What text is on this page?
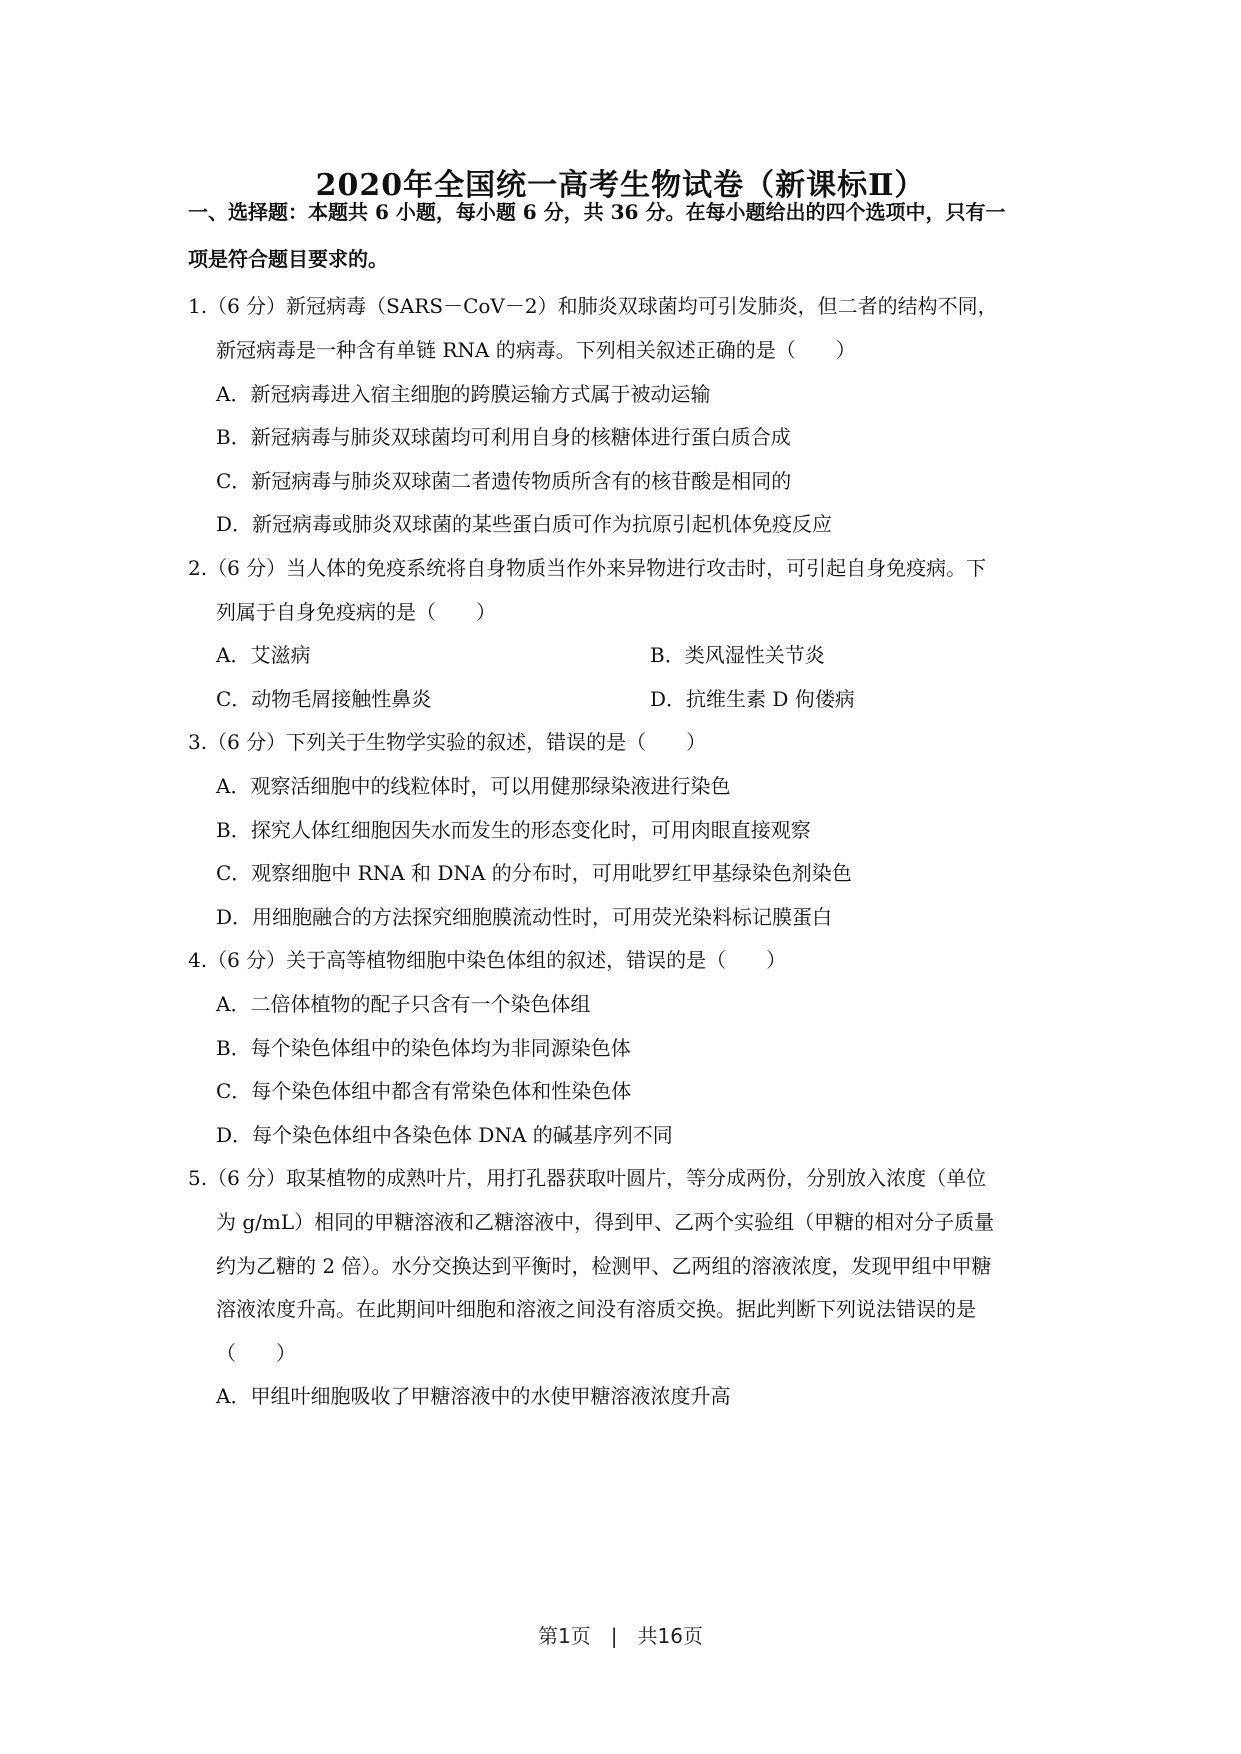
2020年全国统一高考生物试卷（新课标Ⅱ）
一、选择题：本题共 6 小题，每小题 6 分，共 36 分。在每小题给出的四个选项中，只有一
项是符合题目要求的。
1.（6 分）新冠病毒（SARS－CoV－2）和肺炎双球菌均可引发肺炎，但二者的结构不同，
新冠病毒是一种含有单链 RNA 的病毒。下列相关叙述正确的是（　　）
A．新冠病毒进入宿主细胞的跨膜运输方式属于被动运输
B．新冠病毒与肺炎双球菌均可利用自身的核糖体进行蛋白质合成
C．新冠病毒与肺炎双球菌二者遗传物质所含有的核苷酸是相同的
D．新冠病毒或肺炎双球菌的某些蛋白质可作为抗原引起机体免疫反应
2.（6 分）当人体的免疫系统将自身物质当作外来异物进行攻击时，可引起自身免疫病。下
列属于自身免疫病的是（　　）
A．艾滋病	B．类风湿性关节炎
C．动物毛屑接触性鼻炎	D．抗维生素 D 佝偻病
3.（6 分）下列关于生物学实验的叙述，错误的是（　　）
A．观察活细胞中的线粒体时，可以用健那绿染液进行染色
B．探究人体红细胞因失水而发生的形态变化时，可用肉眼直接观察
C．观察细胞中 RNA 和 DNA 的分布时，可用吡罗红甲基绿染色剂染色
D．用细胞融合的方法探究细胞膜流动性时，可用荧光染料标记膜蛋白
4.（6 分）关于高等植物细胞中染色体组的叙述，错误的是（　　）
A．二倍体植物的配子只含有一个染色体组
B．每个染色体组中的染色体均为非同源染色体
C．每个染色体组中都含有常染色体和性染色体
D．每个染色体组中各染色体 DNA 的碱基序列不同
5.（6 分）取某植物的成熟叶片，用打孔器获取叶圆片，等分成两份，分别放入浓度（单位
为 g/mL）相同的甲糖溶液和乙糖溶液中，得到甲、乙两个实验组（甲糖的相对分子质量
约为乙糖的 2 倍）。水分交换达到平衡时，检测甲、乙两组的溶液浓度，发现甲组中甲糖
溶液浓度升高。在此期间叶细胞和溶液之间没有溶质交换。据此判断下列说法错误的是
（　　）
A．甲组叶细胞吸收了甲糖溶液中的水使甲糖溶液浓度升高
第1页　|　共16页
